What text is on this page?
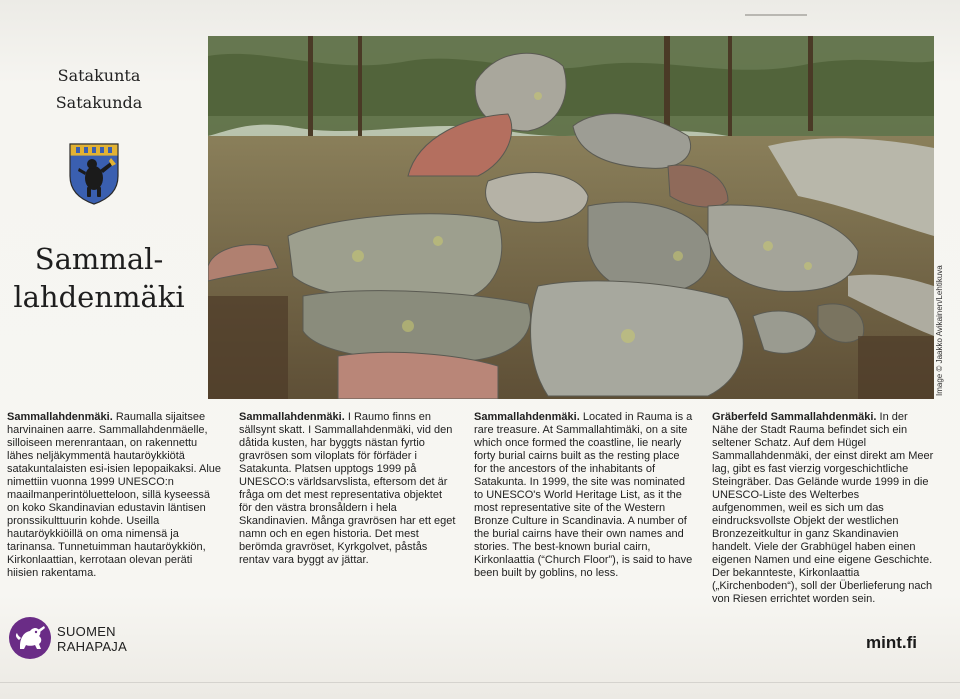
Satakunta
Satakunda
Sammal-
lahdenmäki	Image © Jaakko Avikainen/Lehtikuva
Sammallahdenmäki. Raumalla sijaitsee harvinainen aarre. Sammallahdenmäelle, silloiseen merenrantaan, on rakennettu lähes neljäkymmentä hautaröykkiötä satakuntalaisten esi-isien lepopaikaksi. Alue nimettiin vuonna 1999 UNESCO:n maailmanperintöluetteloon, sillä kyseessä on koko Skandinavian edustavin läntisen pronssikulttuurin kohde. Useilla hautaröykkiöillä on oma nimensä ja tarinansa. Tunnetuimman hautaröykkiön, Kirkonlaattian, kerrotaan olevan peräti hiisien rakentama.
Sammallahdenmäki. I Raumo finns en sällsynt skatt. I Sammallahdenmäki, vid den dåtida kusten, har byggts nästan fyrtio gravrösen som viloplats för förfäder i Satakunta. Platsen upptogs 1999 på UNESCO:s världsarvslista, eftersom det är fråga om det mest representativa objektet för den västra bronsåldern i hela Skandinavien. Många gravrösen har ett eget namn och en egen historia. Det mest berömda gravröset, Kyrkgolvet, påstås rentav vara byggt av jättar.
Sammallahdenmäki. Located in Rauma is a rare treasure. At Sammallahtimäki, on a site which once formed the coastline, lie nearly forty burial cairns built as the resting place for the ancestors of the inhabitants of Satakunta. In 1999, the site was nominated to UNESCO's World Heritage List, as it the most representative site of the Western Bronze Culture in Scandinavia. A number of the burial cairns have their own names and stories. The best-known burial cairn, Kirkonlaattia (“Church Floor”), is said to have been built by goblins, no less.
Gräberfeld Sammallahdenmäki. In der Nähe der Stadt Rauma befindet sich ein seltener Schatz. Auf dem Hügel Sammallahdenmäki, der einst direkt am Meer lag, gibt es fast vierzig vorgeschichtliche Steingräber. Das Gelände wurde 1999 in die UNESCO-Liste des Welterbes aufgenommen, weil es sich um das eindrucksvollste Objekt der westlichen Bronzezeitkultur in ganz Skandinavien handelt. Viele der Grabhügel haben einen eigenen Namen und eine eigene Geschichte. Der bekannteste, Kirkonlaattia („Kirchenboden“), soll der Überlieferung nach von Riesen errichtet worden sein.
SUOMEN
RAHAPAJA	mint.fi
